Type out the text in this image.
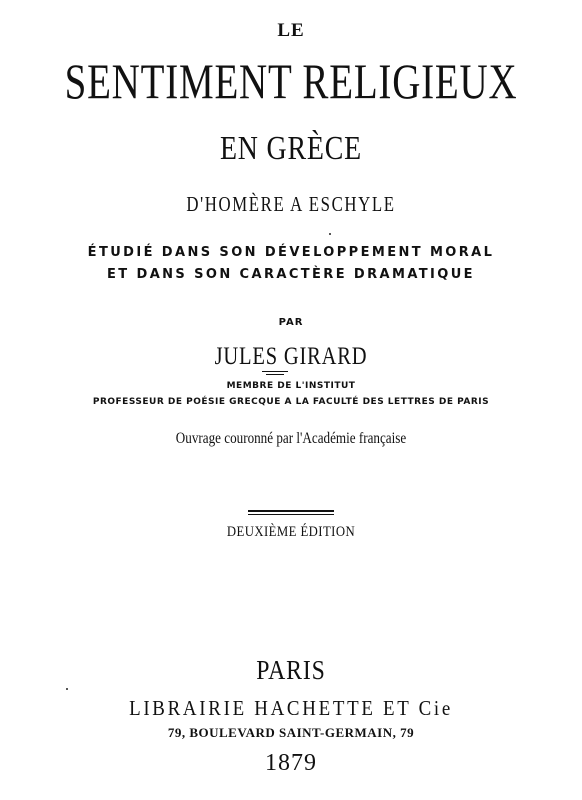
LE
SENTIMENT RELIGIEUX
EN GRÈCE
D'HOMÈRE A ESCHYLE
ÉTUDIÉ DANS SON DÉVELOPPEMENT MORAL
ET DANS SON CARACTÈRE DRAMATIQUE
PAR
JULES GIRARD
MEMBRE DE L'INSTITUT
PROFESSEUR DE POÉSIE GRECQUE A LA FACULTÉ DES LETTRES DE PARIS
Ouvrage couronné par l'Académie française
DEUXIÈME ÉDITION
PARIS
LIBRAIRIE HACHETTE ET Cie
79, BOULEVARD SAINT-GERMAIN, 79
1879
